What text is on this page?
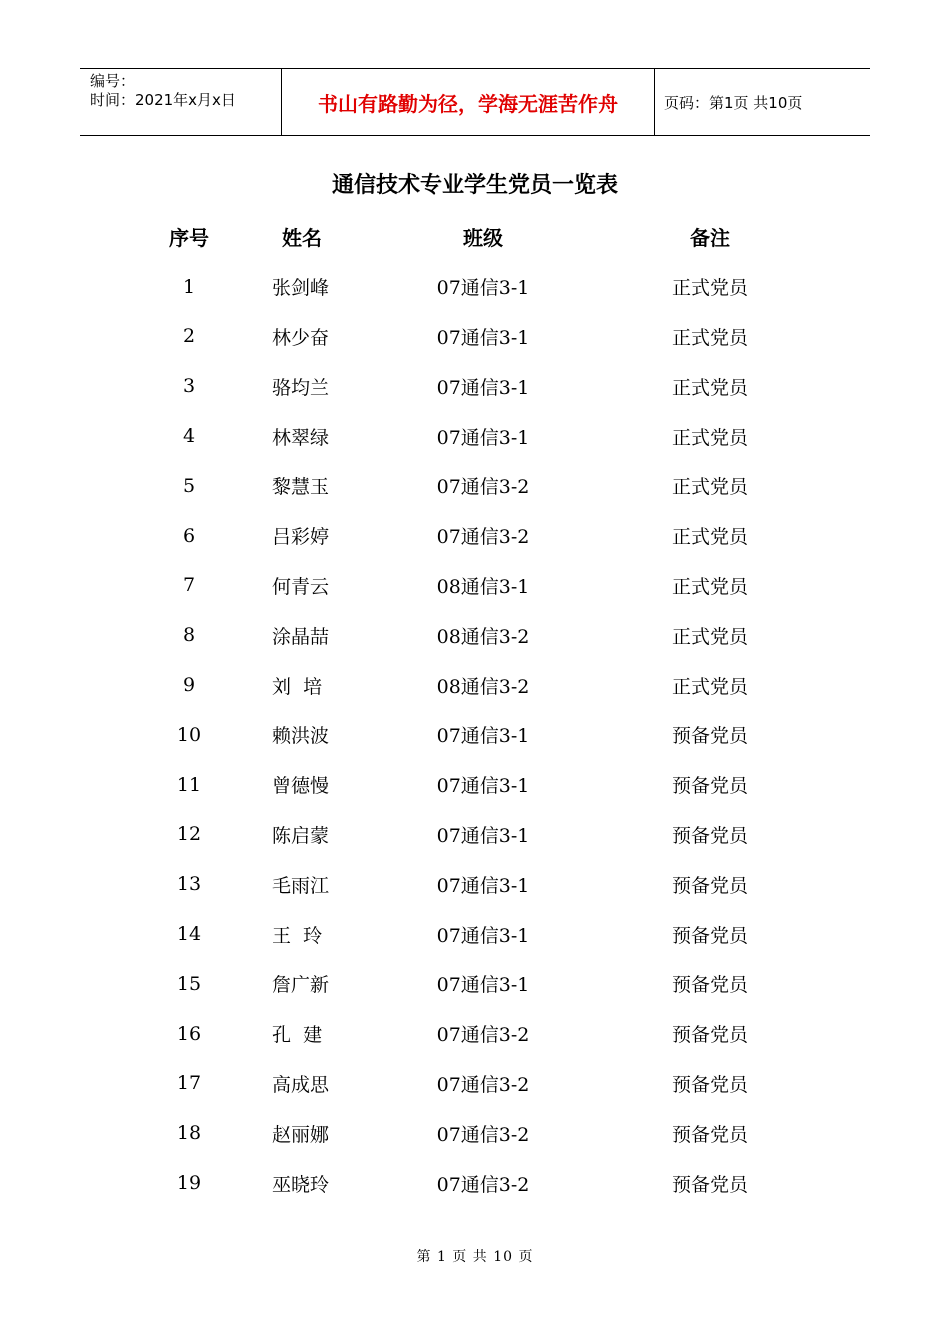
编号：
时间：2021年x月x日	书山有路勤为径，学海无涯苦作舟	页码：第1页 共10页
通信技术专业学生党员一览表
序号	姓名	班级	备注
1	张剑峰	07通信3-1	正式党员
2	林少奋	07通信3-1	正式党员
3	骆均兰	07通信3-1	正式党员
4	林翠绿	07通信3-1	正式党员
5	黎慧玉	07通信3-2	正式党员
6	吕彩婷	07通信3-2	正式党员
7	何青云	08通信3-1	正式党员
8	涂晶喆	08通信3-2	正式党员
9	刘  培	08通信3-2	正式党员
10	赖洪波	07通信3-1	预备党员
11	曾德慢	07通信3-1	预备党员
12	陈启蒙	07通信3-1	预备党员
13	毛雨江	07通信3-1	预备党员
14	王  玲	07通信3-1	预备党员
15	詹广新	07通信3-1	预备党员
16	孔  建	07通信3-2	预备党员
17	高成思	07通信3-2	预备党员
18	赵丽娜	07通信3-2	预备党员
19	巫晓玲	07通信3-2	预备党员
第 1 页 共 10 页
